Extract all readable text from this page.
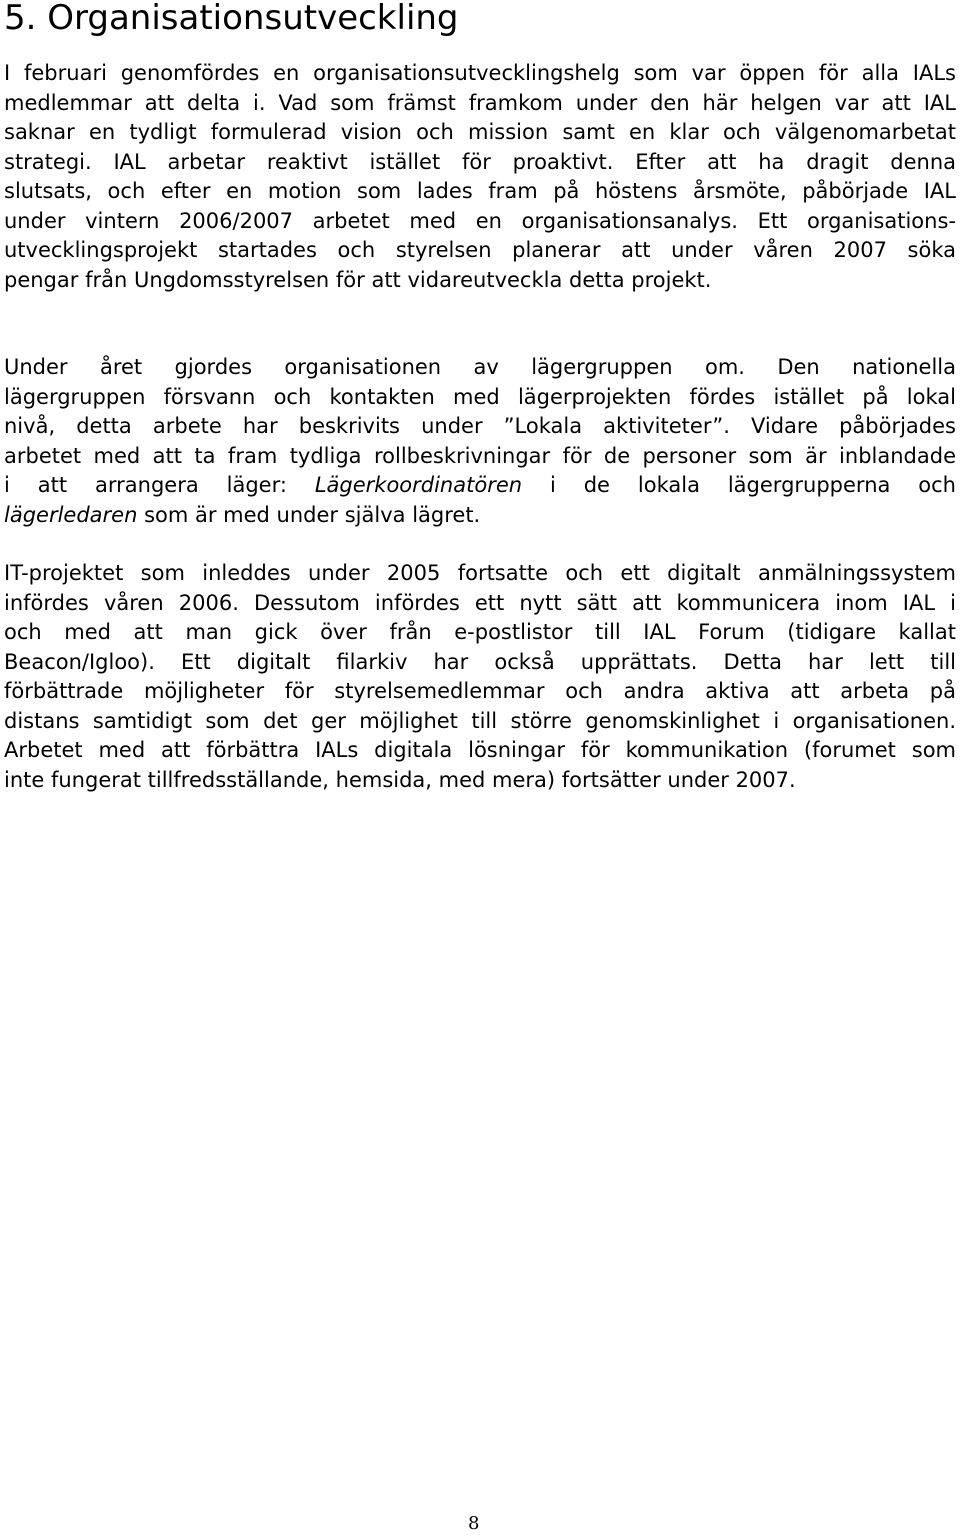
5. Organisationsutveckling
I februari genomfördes en organisationsutvecklingshelg som var öppen för alla IALs
medlemmar att delta i. Vad som främst framkom under den här helgen var att IAL
saknar en tydligt formulerad vision och mission samt en klar och välgenomarbetat
strategi. IAL arbetar reaktivt istället för proaktivt. Efter att ha dragit denna
slutsats, och efter en motion som lades fram på höstens årsmöte, påbörjade IAL
under vintern 2006/2007 arbetet med en organisationsanalys. Ett organisations-
utvecklingsprojekt startades och styrelsen planerar att under våren 2007 söka
pengar från Ungdomsstyrelsen för att vidareutveckla detta projekt.
Under året gjordes organisationen av lägergruppen om. Den nationella
lägergruppen försvann och kontakten med lägerprojekten fördes istället på lokal
nivå, detta arbete har beskrivits under ”Lokala aktiviteter”. Vidare påbörjades
arbetet med att ta fram tydliga rollbeskrivningar för de personer som är inblandade
i att arrangera läger: Lägerkoordinatören i de lokala lägergrupperna och
lägerledaren som är med under själva lägret.
IT-projektet som inleddes under 2005 fortsatte och ett digitalt anmälningssystem
infördes våren 2006. Dessutom infördes ett nytt sätt att kommunicera inom IAL i
och med att man gick över från e-postlistor till IAL Forum (tidigare kallat
Beacon/Igloo). Ett digitalt filarkiv har också upprättats. Detta har lett till
förbättrade möjligheter för styrelsemedlemmar och andra aktiva att arbeta på
distans samtidigt som det ger möjlighet till större genomskinlighet i organisationen.
Arbetet med att förbättra IALs digitala lösningar för kommunikation (forumet som
inte fungerat tillfredsställande, hemsida, med mera) fortsätter under 2007.
8
